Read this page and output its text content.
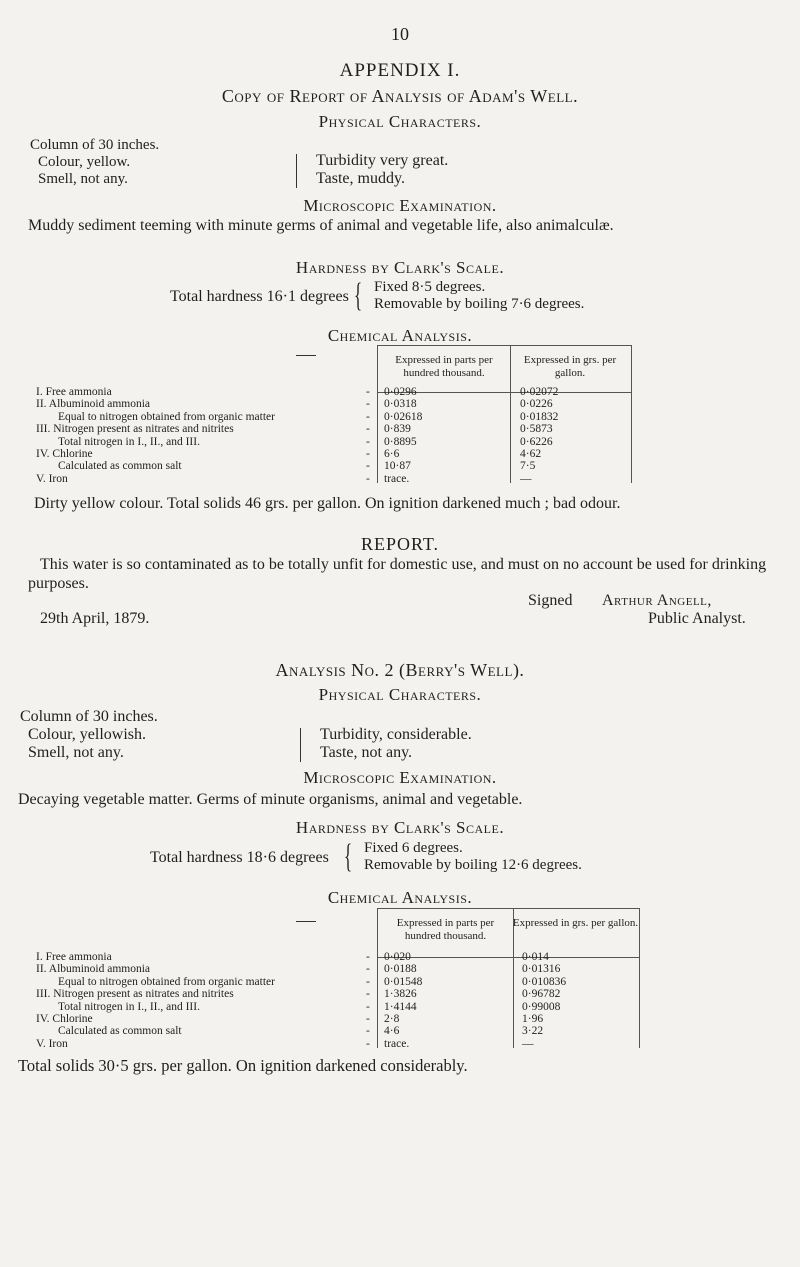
10
APPENDIX I.
Copy of Report of Analysis of Adam's Well.
Physical Characters.
Column of 30 inches.
Colour, yellow.
Smell, not any.
Turbidity very great.
Taste, muddy.
Microscopic Examination.
Muddy sediment teeming with minute germs of animal and vegetable life, also animalculæ.
Hardness by Clark's Scale.
Total hardness 16·1 degrees { Fixed 8·5 degrees.
Removable by boiling 7·6 degrees.
Chemical Analysis.
Expressed in parts per hundred thousand.
Expressed in grs. per gallon.
I. Free ammonia	- 0·0296	0·02072
II. Albuminoid ammonia	- 0·0318	0·0226
Equal to nitrogen obtained from organic matter	- 0·02618	0·01832
III. Nitrogen present as nitrates and nitrites	- 0·839	0·5873
Total nitrogen in I., II., and III.	- 0·8895	0·6226
IV. Chlorine	- 6·6	4·62
Calculated as common salt	- 10·87	7·5
V. Iron	- trace.	—
Dirty yellow colour. Total solids 46 grs. per gallon. On ignition darkened much ; bad odour.
REPORT.
This water is so contaminated as to be totally unfit for domestic use, and must on no account be used for drinking purposes.
Signed Arthur Angell,
29th April, 1879.	Public Analyst.
Analysis No. 2 (Berry's Well).
Physical Characters.
Column of 30 inches.
Colour, yellowish.
Smell, not any.
Turbidity, considerable.
Taste, not any.
Microscopic Examination.
Decaying vegetable matter. Germs of minute organisms, animal and vegetable.
Hardness by Clark's Scale.
Total hardness 18·6 degrees { Fixed 6 degrees.
Removable by boiling 12·6 degrees.
Chemical Analysis.
Expressed in parts per hundred thousand.
Expressed in grs. per gallon.
I. Free ammonia	- 0·020	0·014
II. Albuminoid ammonia	- 0·0188	0·01316
Equal to nitrogen obtained from organic matter	- 0·01548	0·010836
III. Nitrogen present as nitrates and nitrites	- 1·3826	0·96782
Total nitrogen in I., II., and III.	- 1·4144	0·99008
IV. Chlorine	- 2·8	1·96
Calculated as common salt	- 4·6	3·22
V. Iron	- trace.	—
Total solids 30·5 grs. per gallon. On ignition darkened considerably.
